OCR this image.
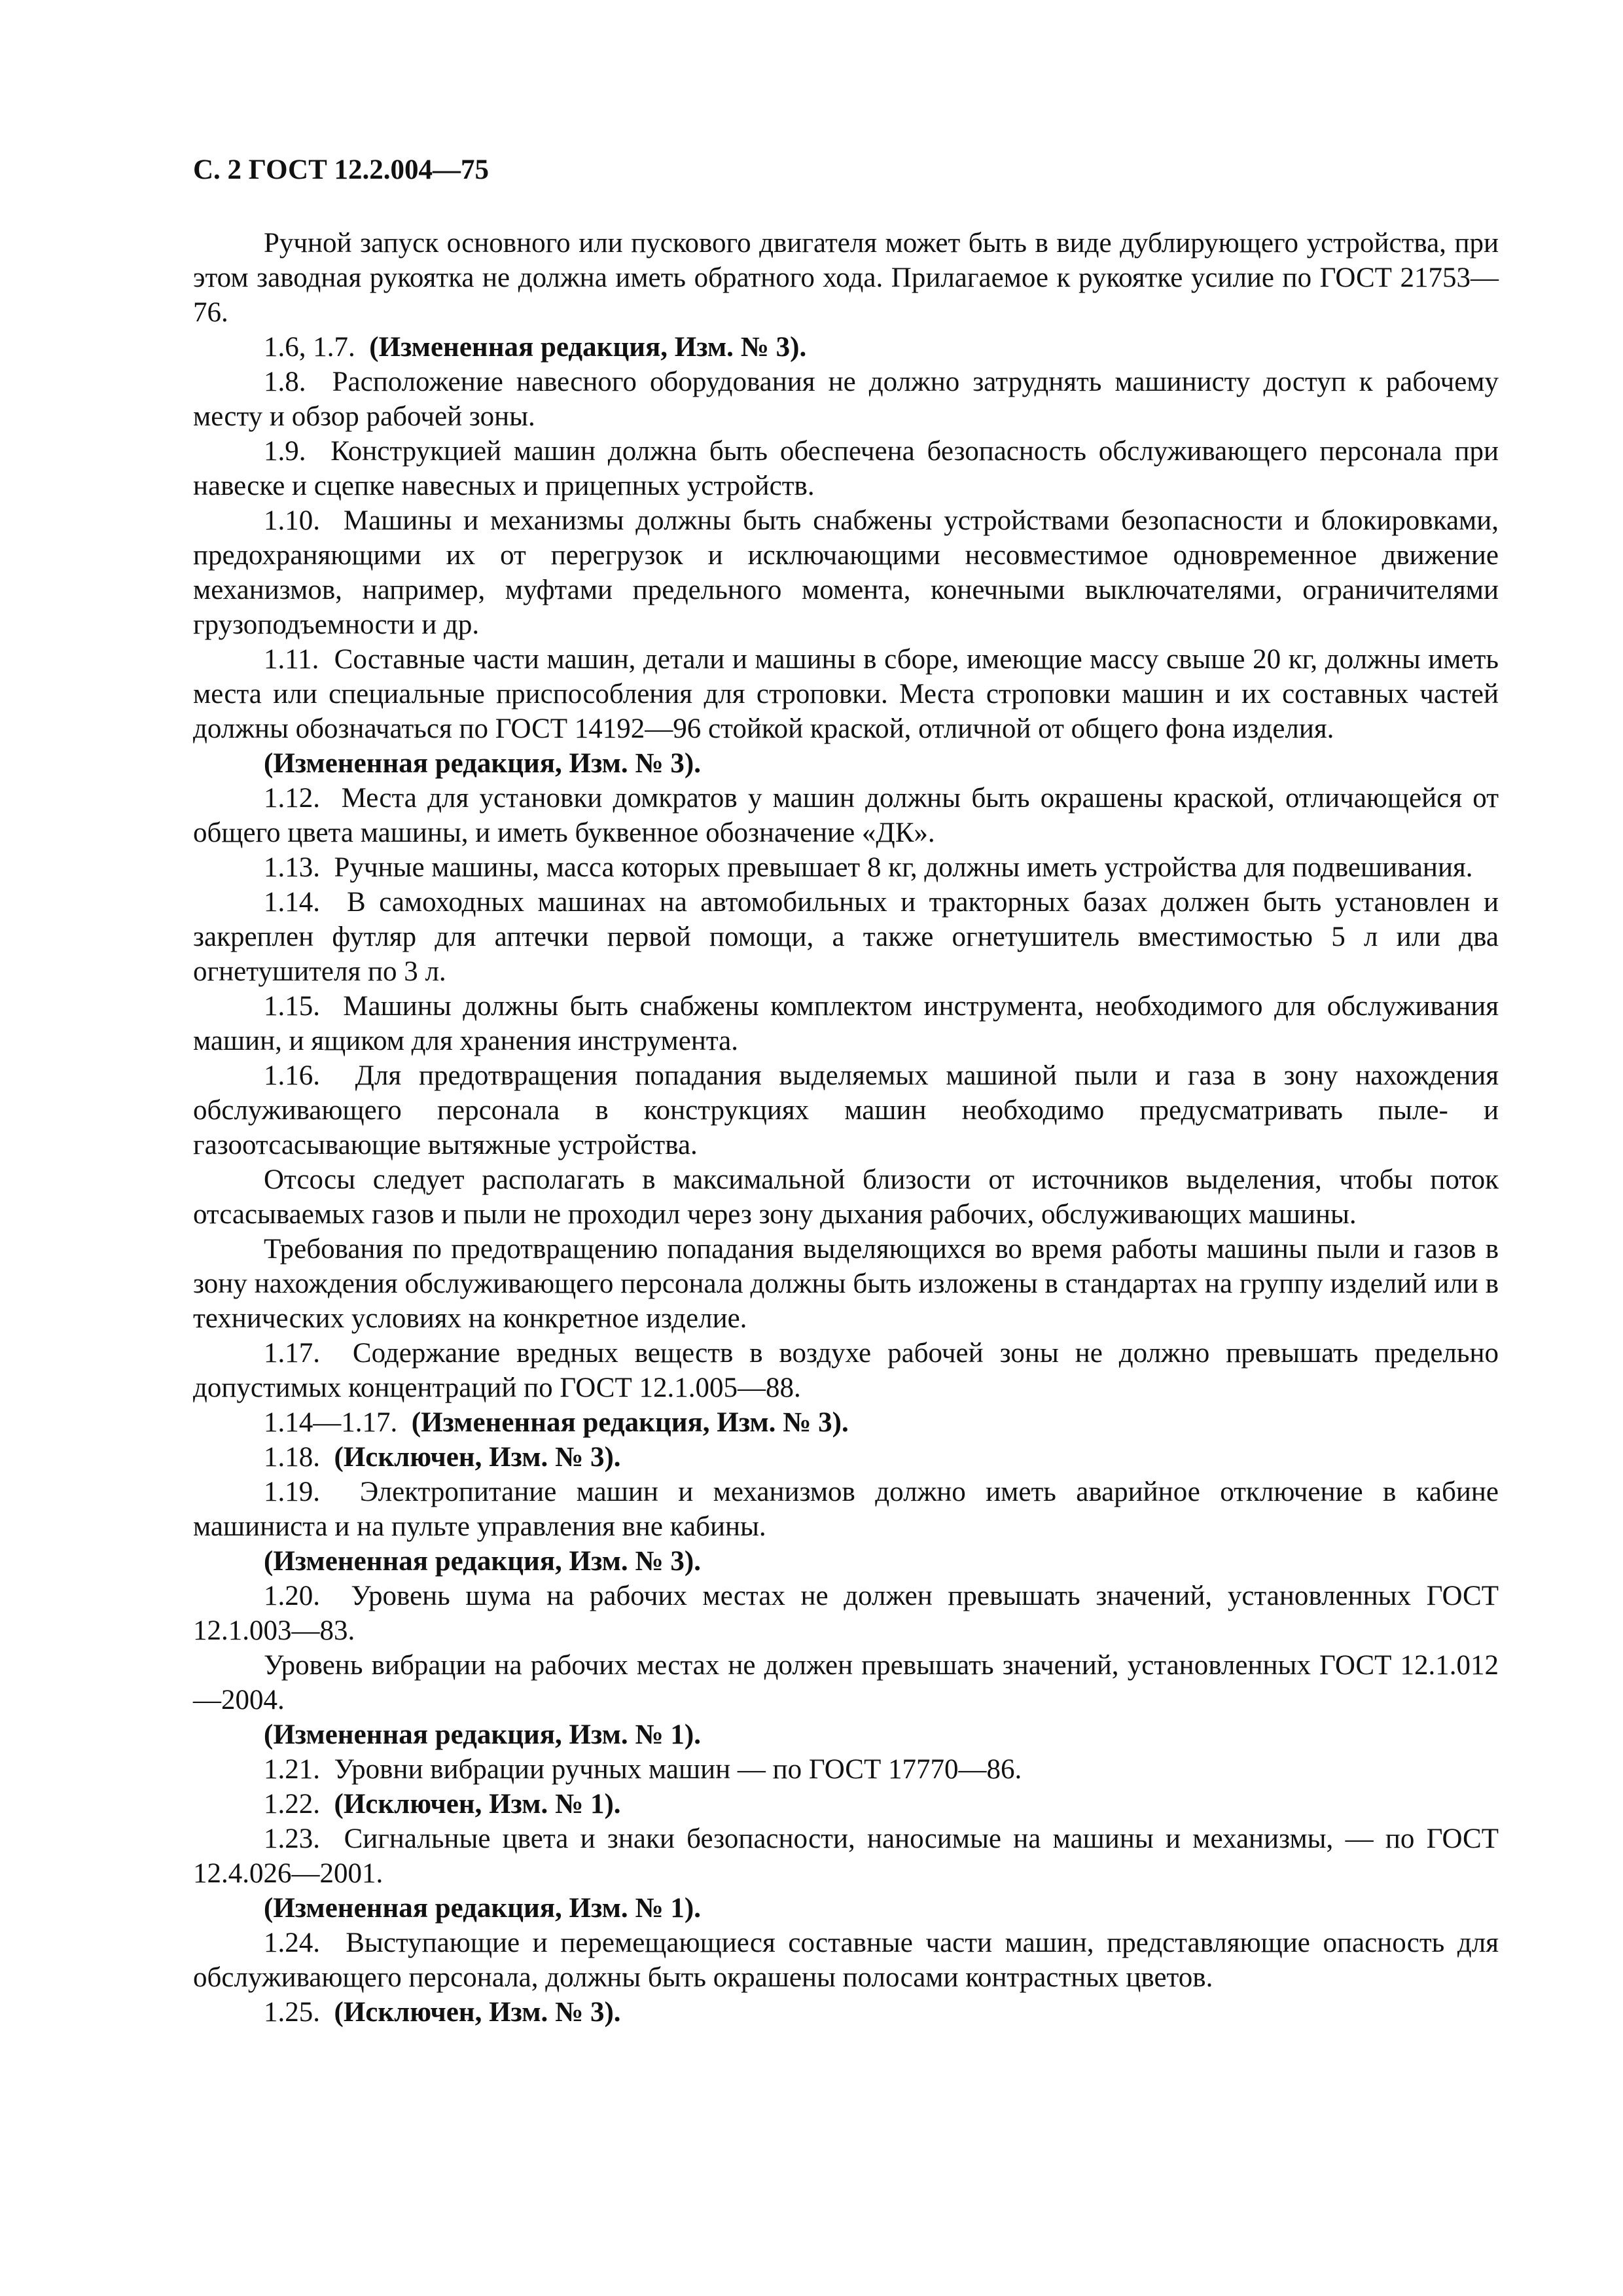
С. 2 ГОСТ 12.2.004—75

Ручной запуск основного или пускового двигателя может быть в виде дублирующего устройства, при этом заводная рукоятка не должна иметь обратного хода. Прилагаемое к рукоятке усилие по ГОСТ 21753—76.

1.6, 1.7. (Измененная редакция, Изм. № 3).

1.8. Расположение навесного оборудования не должно затруднять машинисту доступ к рабочему месту и обзор рабочей зоны.

1.9. Конструкцией машин должна быть обеспечена безопасность обслуживающего персонала при навеске и сцепке навесных и прицепных устройств.

1.10. Машины и механизмы должны быть снабжены устройствами безопасности и блокировками, предохраняющими их от перегрузок и исключающими несовместимое одновременное движение механизмов, например, муфтами предельного момента, конечными выключателями, ограничителями грузоподъемности и др.

1.11. Составные части машин, детали и машины в сборе, имеющие массу свыше 20 кг, должны иметь места или специальные приспособления для строповки. Места строповки машин и их составных частей должны обозначаться по ГОСТ 14192—96 стойкой краской, отличной от общего фона изделия.

(Измененная редакция, Изм. № 3).

1.12. Места для установки домкратов у машин должны быть окрашены краской, отличающейся от общего цвета машины, и иметь буквенное обозначение «ДК».

1.13. Ручные машины, масса которых превышает 8 кг, должны иметь устройства для подвешивания.

1.14. В самоходных машинах на автомобильных и тракторных базах должен быть установлен и закреплен футляр для аптечки первой помощи, а также огнетушитель вместимостью 5 л или два огнетушителя по 3 л.

1.15. Машины должны быть снабжены комплектом инструмента, необходимого для обслуживания машин, и ящиком для хранения инструмента.

1.16. Для предотвращения попадания выделяемых машиной пыли и газа в зону нахождения обслуживающего персонала в конструкциях машин необходимо предусматривать пыле- и газоотсасывающие вытяжные устройства.

Отсосы следует располагать в максимальной близости от источников выделения, чтобы поток отсасываемых газов и пыли не проходил через зону дыхания рабочих, обслуживающих машины.

Требования по предотвращению попадания выделяющихся во время работы машины пыли и газов в зону нахождения обслуживающего персонала должны быть изложены в стандартах на группу изделий или в технических условиях на конкретное изделие.

1.17. Содержание вредных веществ в воздухе рабочей зоны не должно превышать предельно допустимых концентраций по ГОСТ 12.1.005—88.

1.14—1.17. (Измененная редакция, Изм. № 3).

1.18. (Исключен, Изм. № 3).

1.19. Электропитание машин и механизмов должно иметь аварийное отключение в кабине машиниста и на пульте управления вне кабины.

(Измененная редакция, Изм. № 3).

1.20. Уровень шума на рабочих местах не должен превышать значений, установленных ГОСТ 12.1.003—83.

Уровень вибрации на рабочих местах не должен превышать значений, установленных ГОСТ 12.1.012—2004.

(Измененная редакция, Изм. № 1).

1.21. Уровни вибрации ручных машин — по ГОСТ 17770—86.

1.22. (Исключен, Изм. № 1).

1.23. Сигнальные цвета и знаки безопасности, наносимые на машины и механизмы, — по ГОСТ 12.4.026—2001.

(Измененная редакция, Изм. № 1).

1.24. Выступающие и перемещающиеся составные части машин, представляющие опасность для обслуживающего персонала, должны быть окрашены полосами контрастных цветов.

1.25. (Исключен, Изм. № 3).
